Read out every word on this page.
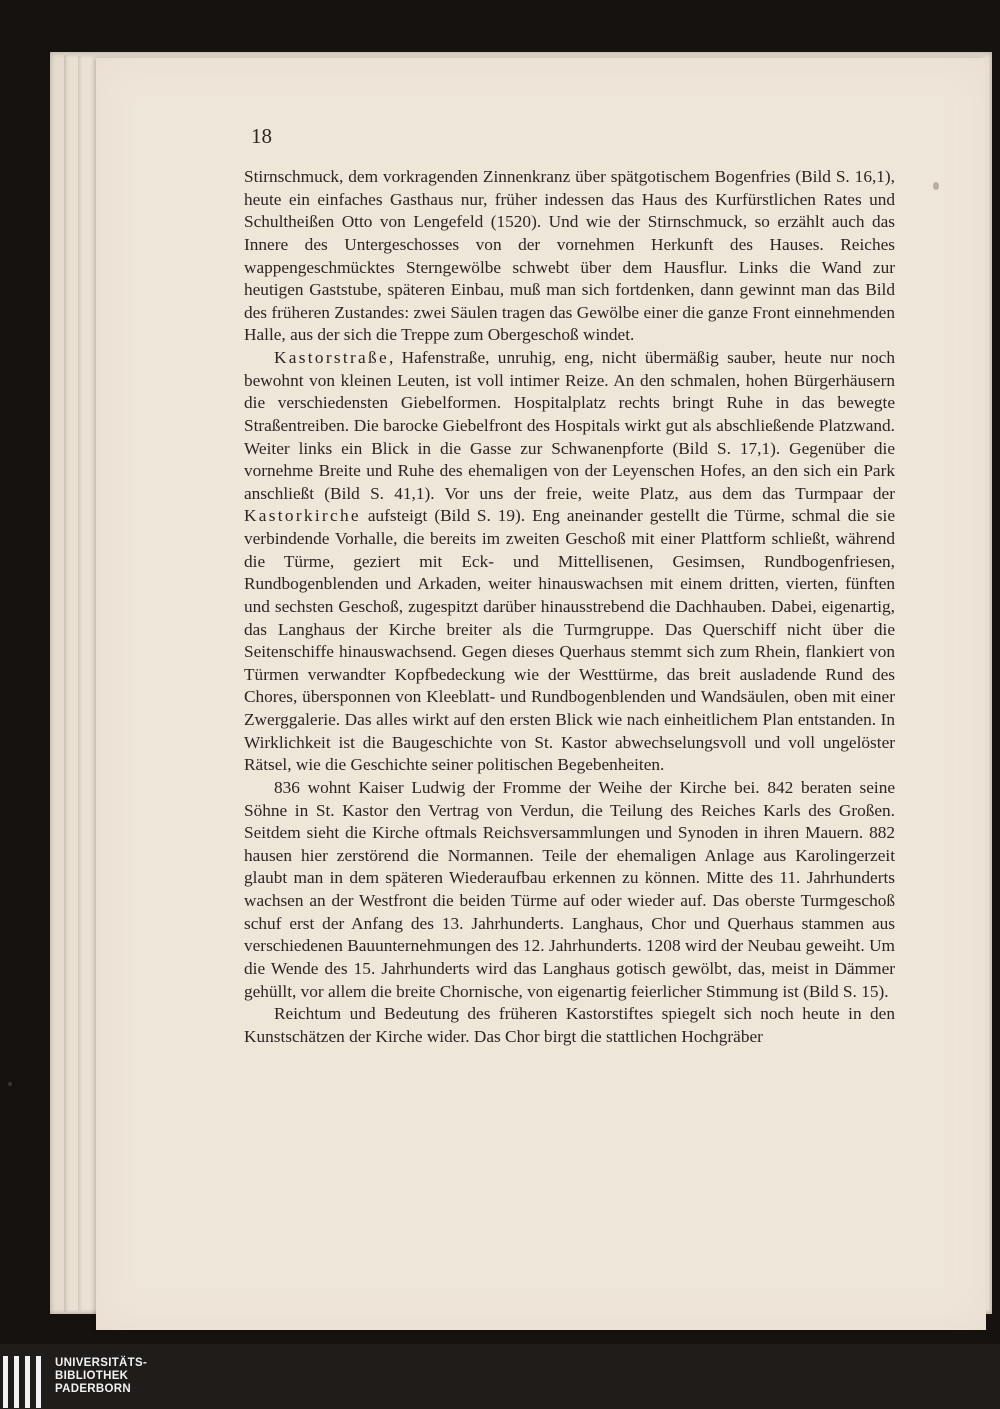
18

Stirnschmuck, dem vorkragenden Zinnenkranz über spätgotischem Bogenfries (Bild S. 16,1), heute ein einfaches Gasthaus nur, früher indessen das Haus des Kurfürstlichen Rates und Schultheißen Otto von Lengefeld (1520). Und wie der Stirnschmuck, so erzählt auch das Innere des Untergeschosses von der vornehmen Herkunft des Hauses. Reiches wappengeschmücktes Sterngewölbe schwebt über dem Hausflur. Links die Wand zur heutigen Gaststube, späteren Einbau, muß man sich fortdenken, dann gewinnt man das Bild des früheren Zustandes: zwei Säulen tragen das Gewölbe einer die ganze Front einnehmenden Halle, aus der sich die Treppe zum Obergeschoß windet.

Kastorstraße, Hafenstraße, unruhig, eng, nicht übermäßig sauber, heute nur noch bewohnt von kleinen Leuten, ist voll intimer Reize. An den schmalen, hohen Bürgerhäusern die verschiedensten Giebelformen. Hospitalplatz rechts bringt Ruhe in das bewegte Straßentreiben. Die barocke Giebelfront des Hospitals wirkt gut als abschließende Platzwand. Weiter links ein Blick in die Gasse zur Schwanenpforte (Bild S. 17,1). Gegenüber die vornehme Breite und Ruhe des ehemaligen von der Leyenschen Hofes, an den sich ein Park anschließt (Bild S. 41,1). Vor uns der freie, weite Platz, aus dem das Turmpaar der Kastorkirche aufsteigt (Bild S. 19). Eng aneinander gestellt die Türme, schmal die sie verbindende Vorhalle, die bereits im zweiten Geschoß mit einer Plattform schließt, während die Türme, geziert mit Eck- und Mittellisenen, Gesimsen, Rundbogenfriesen, Rundbogenblenden und Arkaden, weiter hinauswachsen mit einem dritten, vierten, fünften und sechsten Geschoß, zugespitzt darüber hinausstrebend die Dachhauben. Dabei, eigenartig, das Langhaus der Kirche breiter als die Turmgruppe. Das Querschiff nicht über die Seitenschiffe hinauswachsend. Gegen dieses Querhaus stemmt sich zum Rhein, flankiert von Türmen verwandter Kopfbedeckung wie der Westtürme, das breit ausladende Rund des Chores, übersponnen von Kleeblatt- und Rundbogenblenden und Wandsäulen, oben mit einer Zwerggalerie. Das alles wirkt auf den ersten Blick wie nach einheitlichem Plan entstanden. In Wirklichkeit ist die Baugeschichte von St. Kastor abwechselungsvoll und voll ungelöster Rätsel, wie die Geschichte seiner politischen Begebenheiten.

836 wohnt Kaiser Ludwig der Fromme der Weihe der Kirche bei. 842 beraten seine Söhne in St. Kastor den Vertrag von Verdun, die Teilung des Reiches Karls des Großen. Seitdem sieht die Kirche oftmals Reichsversammlungen und Synoden in ihren Mauern. 882 hausen hier zerstörend die Normannen. Teile der ehemaligen Anlage aus Karolingerzeit glaubt man in dem späteren Wiederaufbau erkennen zu können. Mitte des 11. Jahrhunderts wachsen an der Westfront die beiden Türme auf oder wieder auf. Das oberste Turmgeschoß schuf erst der Anfang des 13. Jahrhunderts. Langhaus, Chor und Querhaus stammen aus verschiedenen Bauunternehmungen des 12. Jahrhunderts. 1208 wird der Neubau geweiht. Um die Wende des 15. Jahrhunderts wird das Langhaus gotisch gewölbt, das, meist in Dämmer gehüllt, vor allem die breite Chornische, von eigenartig feierlicher Stimmung ist (Bild S. 15).

Reichtum und Bedeutung des früheren Kastorstiftes spiegelt sich noch heute in den Kunstschätzen der Kirche wider. Das Chor birgt die stattlichen Hochgräber

UNIVERSITÄTS-
BIBLIOTHEK
PADERBORN
